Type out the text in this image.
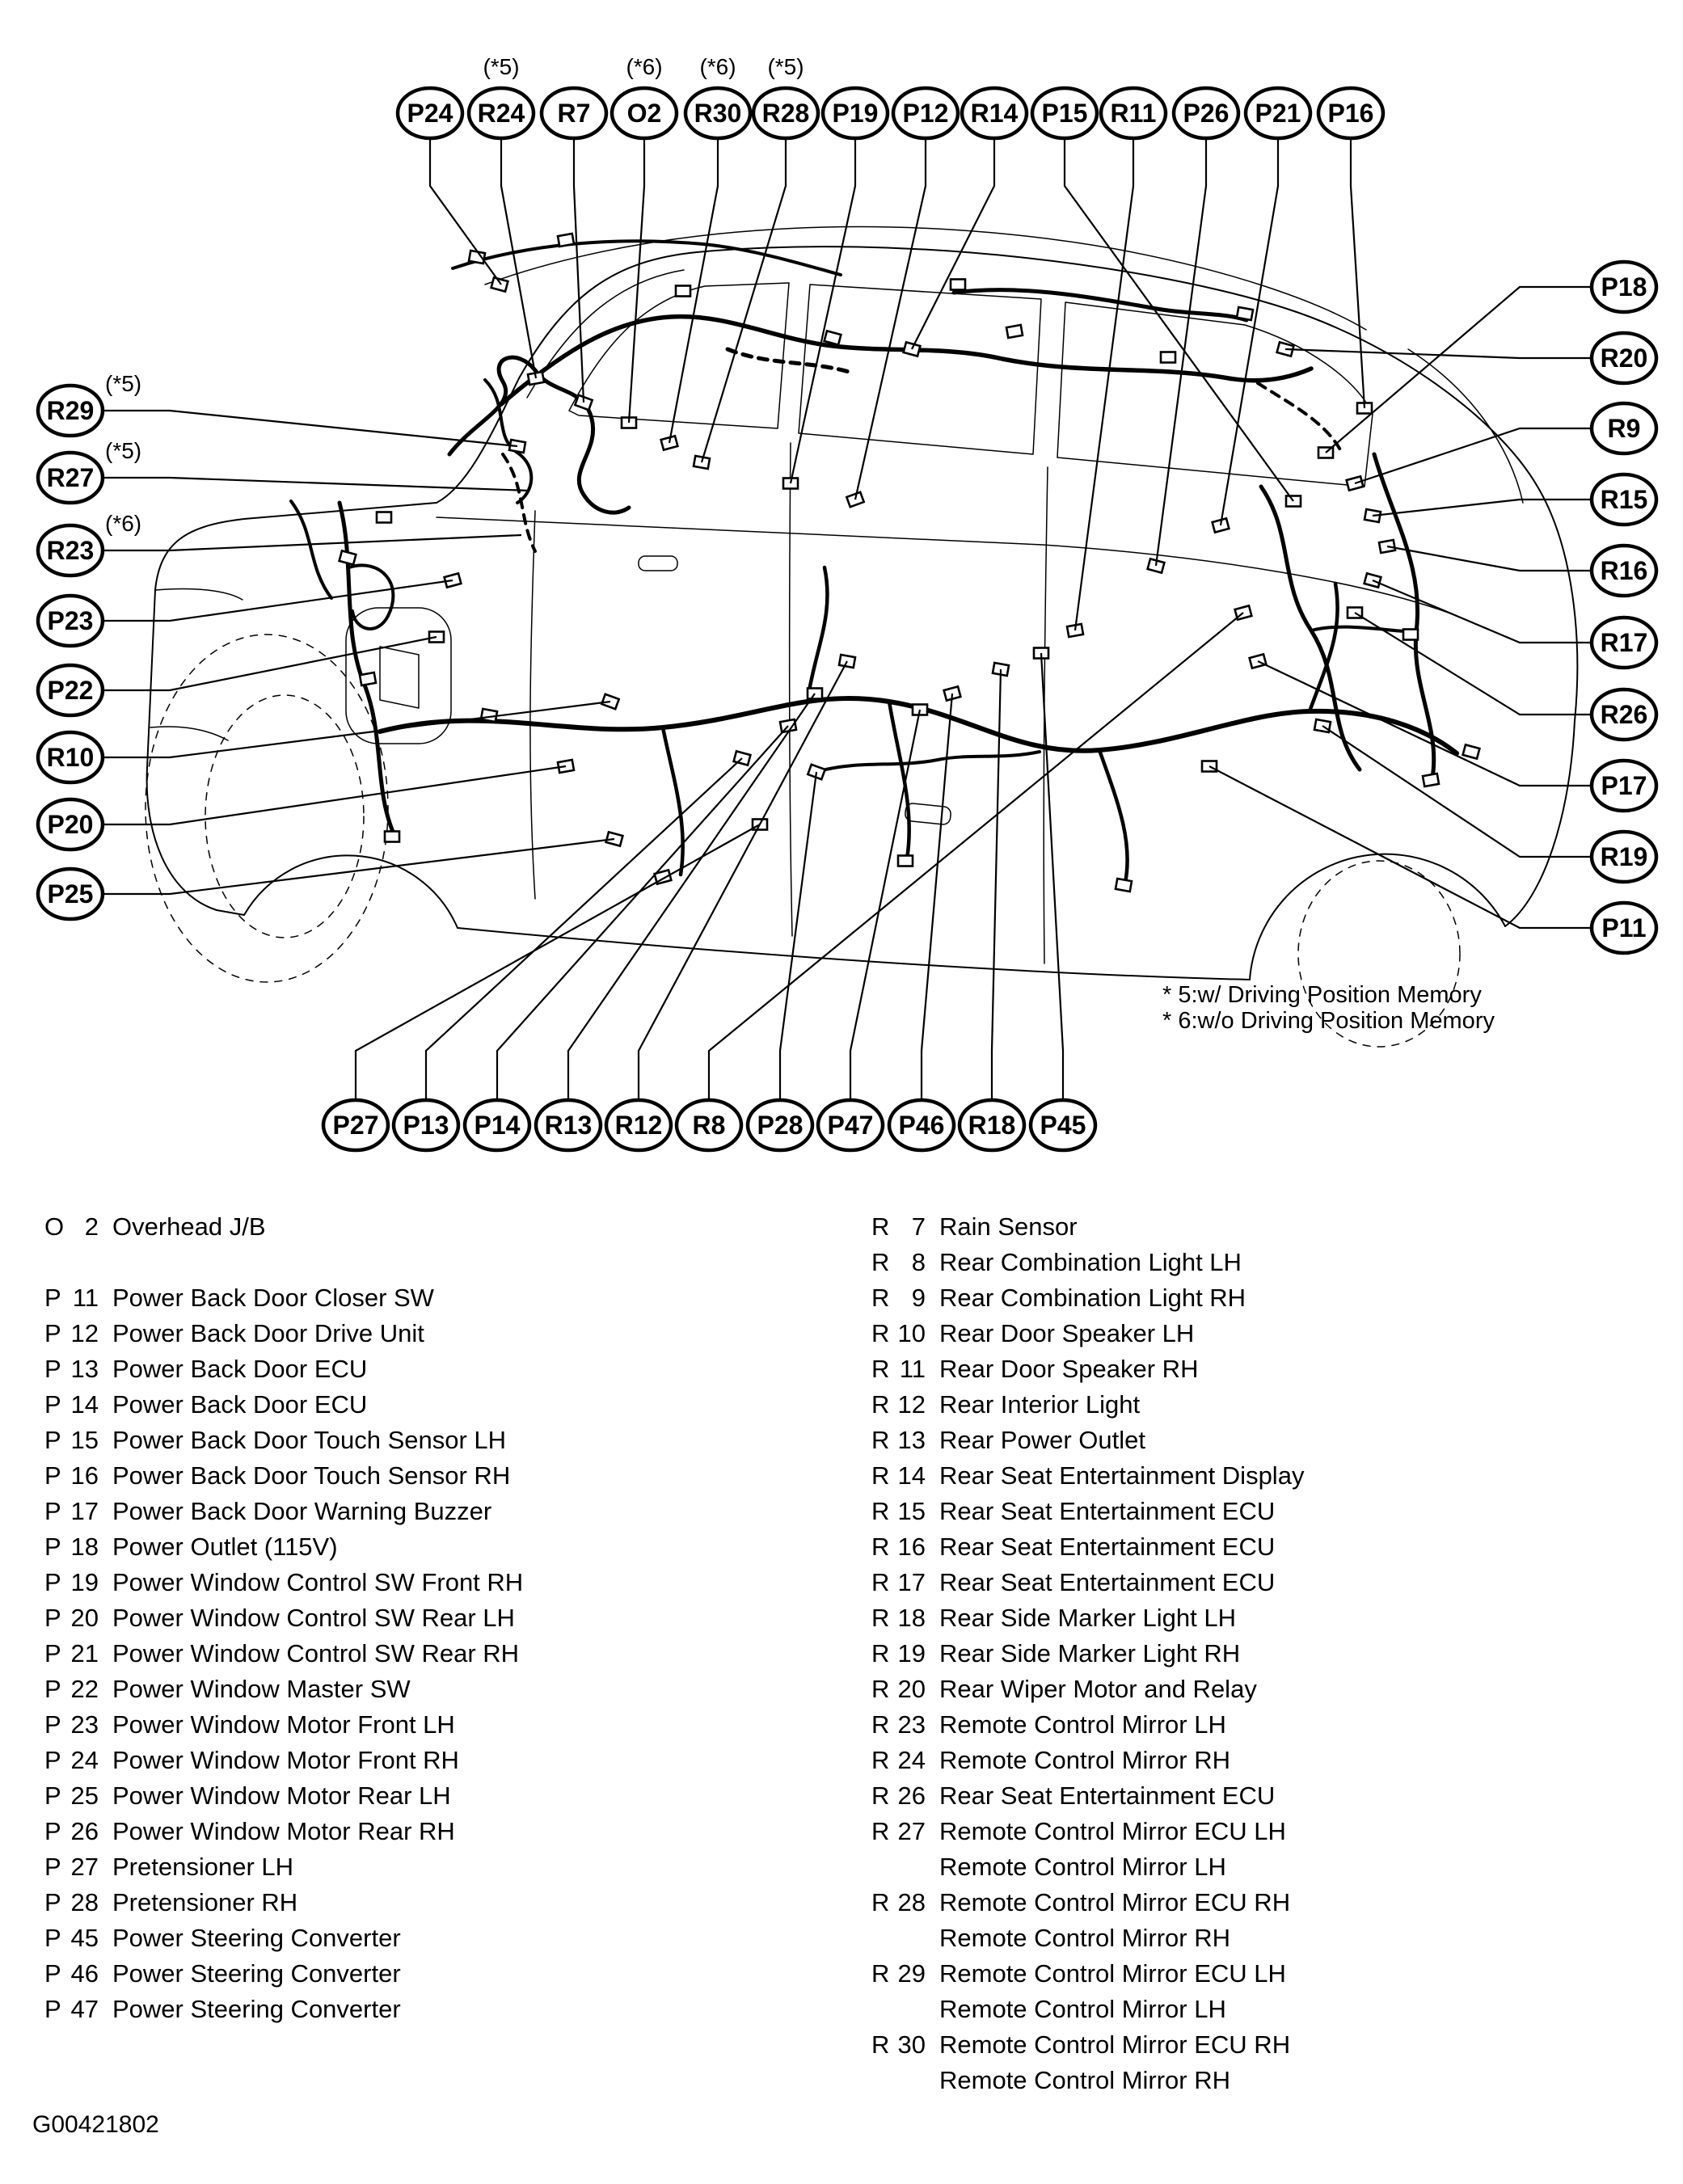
P24 R24
(*5)
R7 O2
(*6)
R30
(*6)
R28
(*5)
P19 P12 R14 P15 R11 P26 P21 P16
P27 P13 P14 R13 R12 R8 P28 P47 P46 R18 P45
R29
(*5)
R27
(*5)
R23
(*6)
P23
P22
R10
P20
P25
P18
R20
R9
R15
R16
R17
R26
P17
R19
P11
* 5:w/ Driving Position Memory
* 6:w/o Driving Position Memory
O 2 Overhead J/B
P 11 Power Back Door Closer SW
P 12 Power Back Door Drive Unit
P 13 Power Back Door ECU
P 14 Power Back Door ECU
P 15 Power Back Door Touch Sensor LH
P 16 Power Back Door Touch Sensor RH
P 17 Power Back Door Warning Buzzer
P 18 Power Outlet (115V)
P 19 Power Window Control SW Front RH
P 20 Power Window Control SW Rear LH
P 21 Power Window Control SW Rear RH
P 22 Power Window Master SW
P 23 Power Window Motor Front LH
P 24 Power Window Motor Front RH
P 25 Power Window Motor Rear LH
P 26 Power Window Motor Rear RH
P 27 Pretensioner LH
P 28 Pretensioner RH
P 45 Power Steering Converter
P 46 Power Steering Converter
P 47 Power Steering Converter
R 7 Rain Sensor
R 8 Rear Combination Light LH
R 9 Rear Combination Light RH
R 10 Rear Door Speaker LH
R 11 Rear Door Speaker RH
R 12 Rear Interior Light
R 13 Rear Power Outlet
R 14 Rear Seat Entertainment Display
R 15 Rear Seat Entertainment ECU
R 16 Rear Seat Entertainment ECU
R 17 Rear Seat Entertainment ECU
R 18 Rear Side Marker Light LH
R 19 Rear Side Marker Light RH
R 20 Rear Wiper Motor and Relay
R 23 Remote Control Mirror LH
R 24 Remote Control Mirror RH
R 26 Rear Seat Entertainment ECU
R 27 Remote Control Mirror ECU LH
Remote Control Mirror LH
R 28 Remote Control Mirror ECU RH
Remote Control Mirror RH
R 29 Remote Control Mirror ECU LH
Remote Control Mirror LH
R 30 Remote Control Mirror ECU RH
Remote Control Mirror RH
G00421802
